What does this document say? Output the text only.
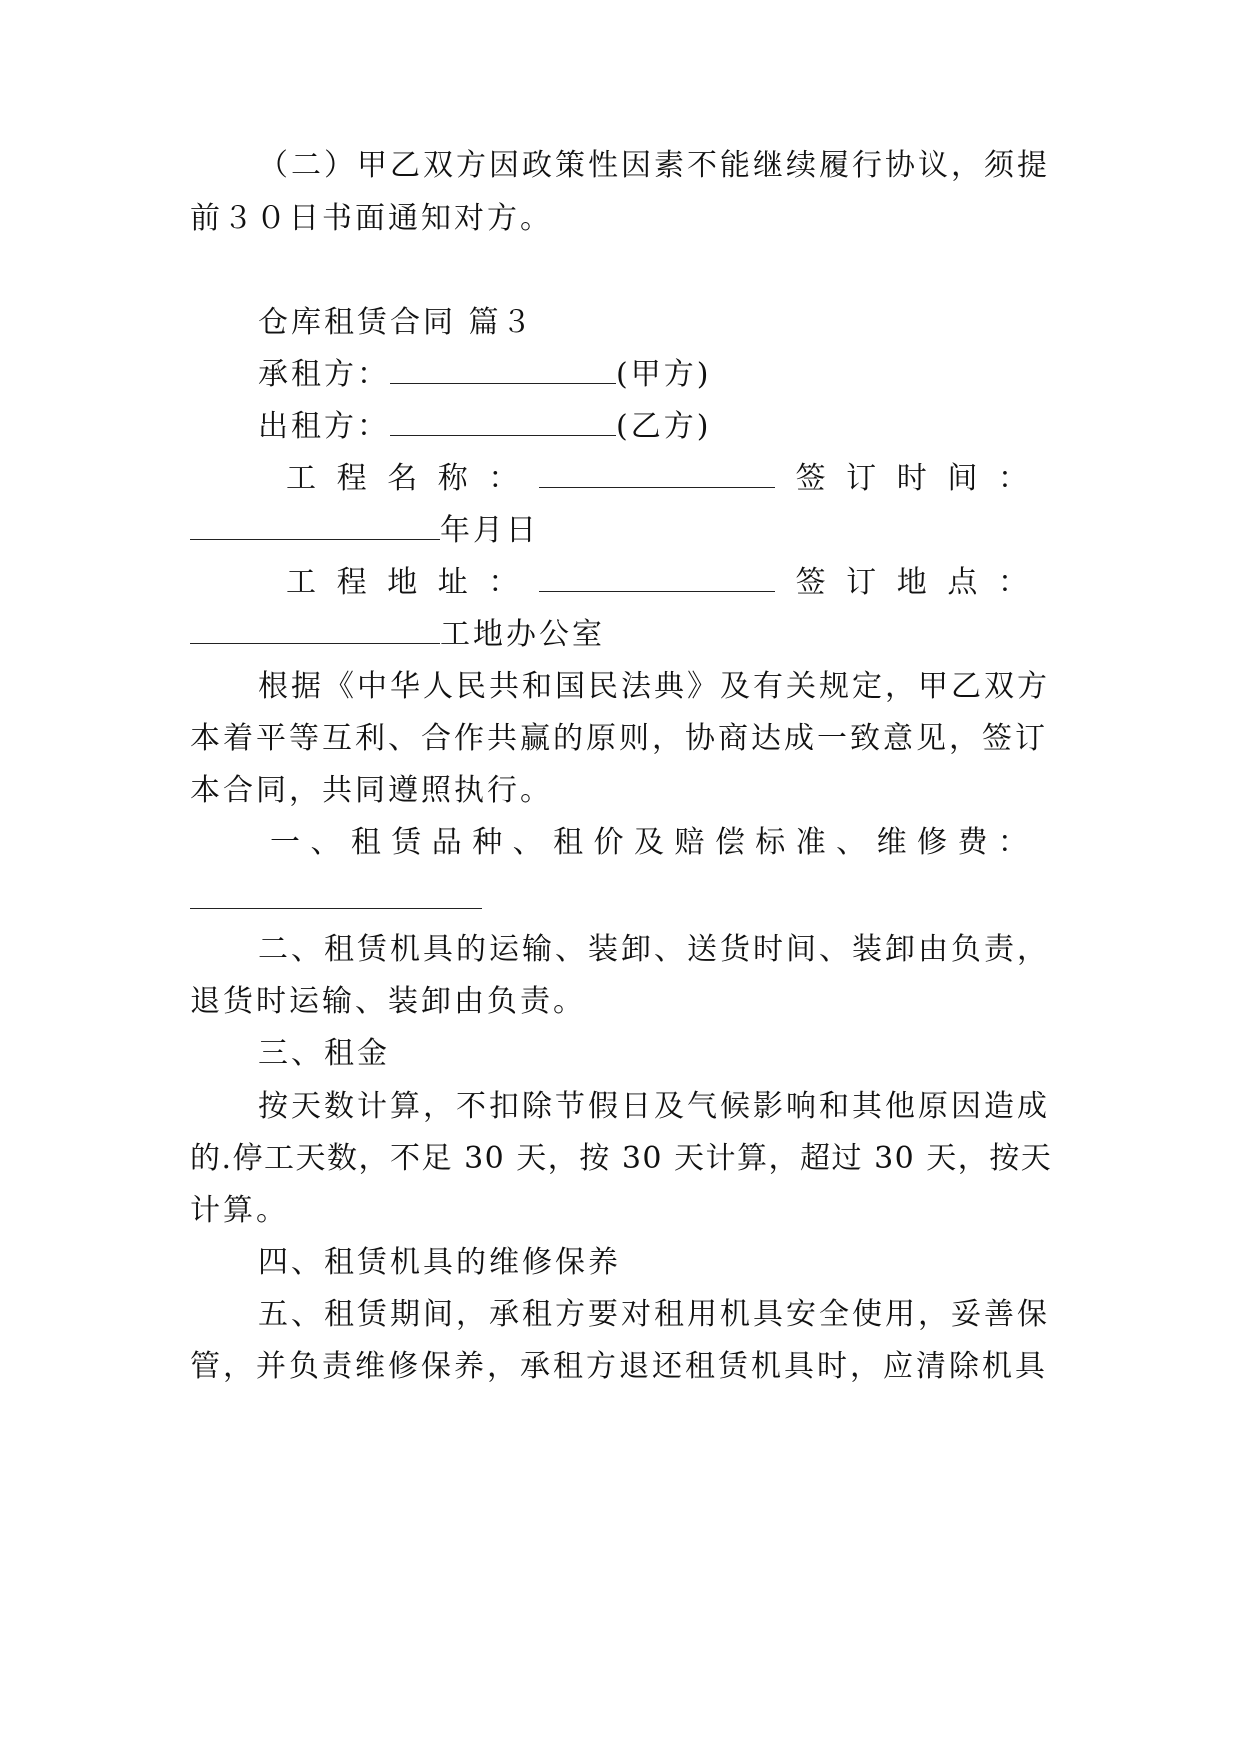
（二）甲乙双方因政策性因素不能继续履行协议，须提
前３０日书面通知对方。
仓库租赁合同 篇３
承租方：	(甲方)
出租方：	(乙方)
工 程 名 称 ：	签 订 时 间 ：
年月日
工 程 地 址 ：	签 订 地 点 ：
工地办公室
根据《中华人民共和国民法典》及有关规定，甲乙双方
本着平等互利、合作共赢的原则，协商达成一致意见，签订
本合同，共同遵照执行。
一 、 租 赁 品 种 、 租 价 及 赔 偿 标 准 、 维 修 费 ：
二、租赁机具的运输、装卸、送货时间、装卸由负责，
退货时运输、装卸由负责。
三、租金
按天数计算，不扣除节假日及气候影响和其他原因造成
的.停工天数，不足 30 天，按 30 天计算，超过 30 天，按天
计算。
四、租赁机具的维修保养
五、租赁期间，承租方要对租用机具安全使用，妥善保
管，并负责维修保养，承租方退还租赁机具时，应清除机具
